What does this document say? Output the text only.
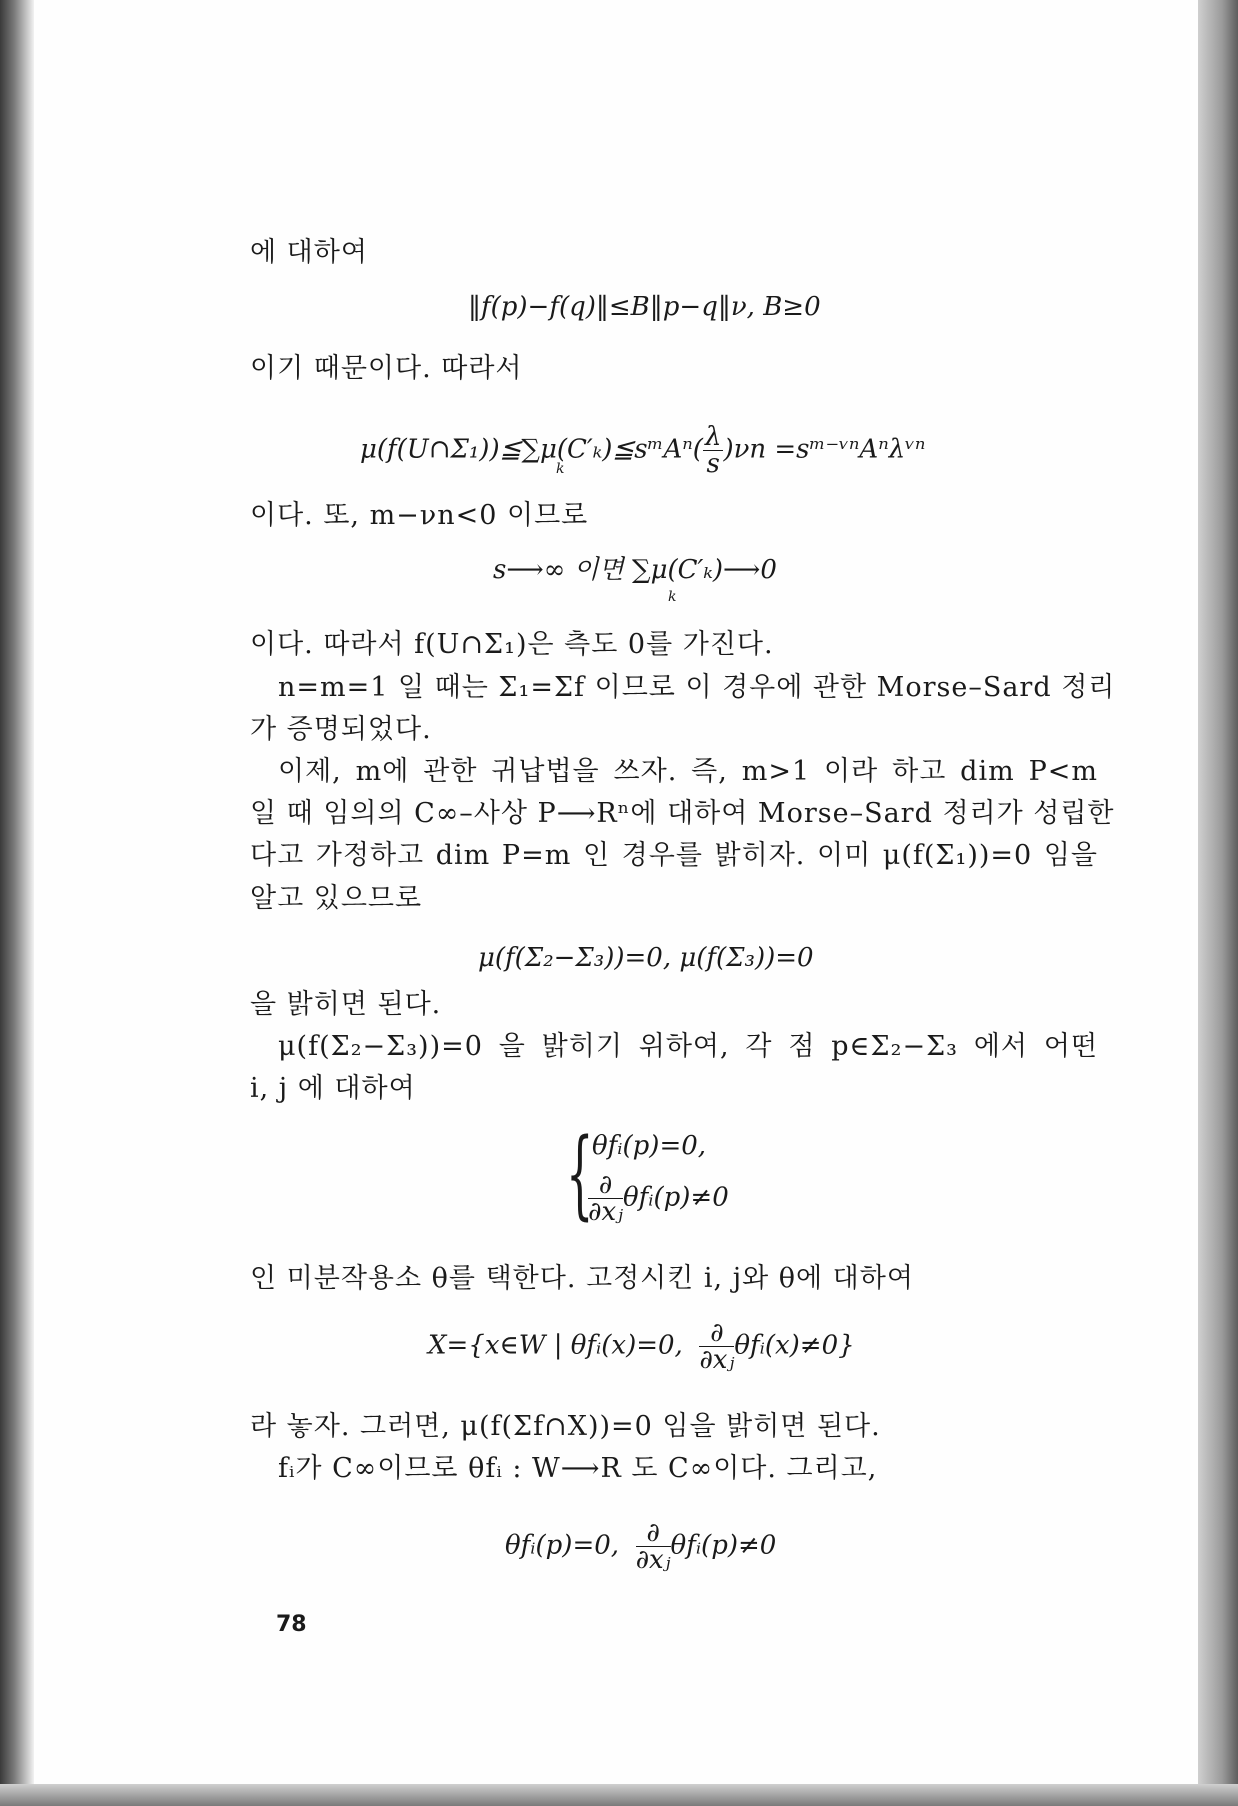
에 대하여
‖f(p)−f(q)‖≤B‖p−q‖ν, B≥0
이기 때문이다. 따라서
μ(f(U∩Σ₁))≦∑μ(C′ₖ)≦sᵐAⁿ( $\frac{\lambda}{s} )\nu n$ =sᵐ⁻ᵛⁿAⁿλᵛⁿ
k
이다. 또, m−νn<0 이므로
s⟶∞ 이면 ∑μ(C′ₖ)⟶0
k
이다. 따라서 f(U∩Σ₁)은 측도 0를 가진다.
n=m=1 일 때는 Σ₁=Σf 이므로 이 경우에 관한 Morse–Sard 정리
가 증명되었다.
이제, m에 관한 귀납법을 쓰자. 즉, m>1 이라 하고 dim P<m
일 때 임의의 C∞–사상 P⟶Rⁿ에 대하여 Morse–Sard 정리가 성립한
다고 가정하고 dim P=m 인 경우를 밝히자. 이미 μ(f(Σ₁))=0 임을
알고 있으므로
μ(f(Σ₂−Σ₃))=0, μ(f(Σ₃))=0
을 밝히면 된다.
μ(f(Σ₂−Σ₃))=0 을 밝히기 위하여, 각 점 p∈Σ₂−Σ₃ 에서 어떤
i, j 에 대하여
{
θfᵢ(p)=0,
$\frac{\partial}{\text{∂xⱼ}}$ θfᵢ(p)≠0
인 미분작용소 θ를 택한다. 고정시킨 i, j와 θ에 대하여
X={x∈W | θfᵢ(x)=0, $\frac{\partial}{\text{∂xⱼ}}$ θfᵢ(x)≠0}
라 놓자. 그러면, μ(f(Σf∩X))=0 임을 밝히면 된다.
fᵢ가 C∞이므로 θfᵢ : W⟶R 도 C∞이다. 그리고,
θfᵢ(p)=0, $\frac{\partial}{\text{∂xⱼ}}$ θfᵢ(p)≠0
78
